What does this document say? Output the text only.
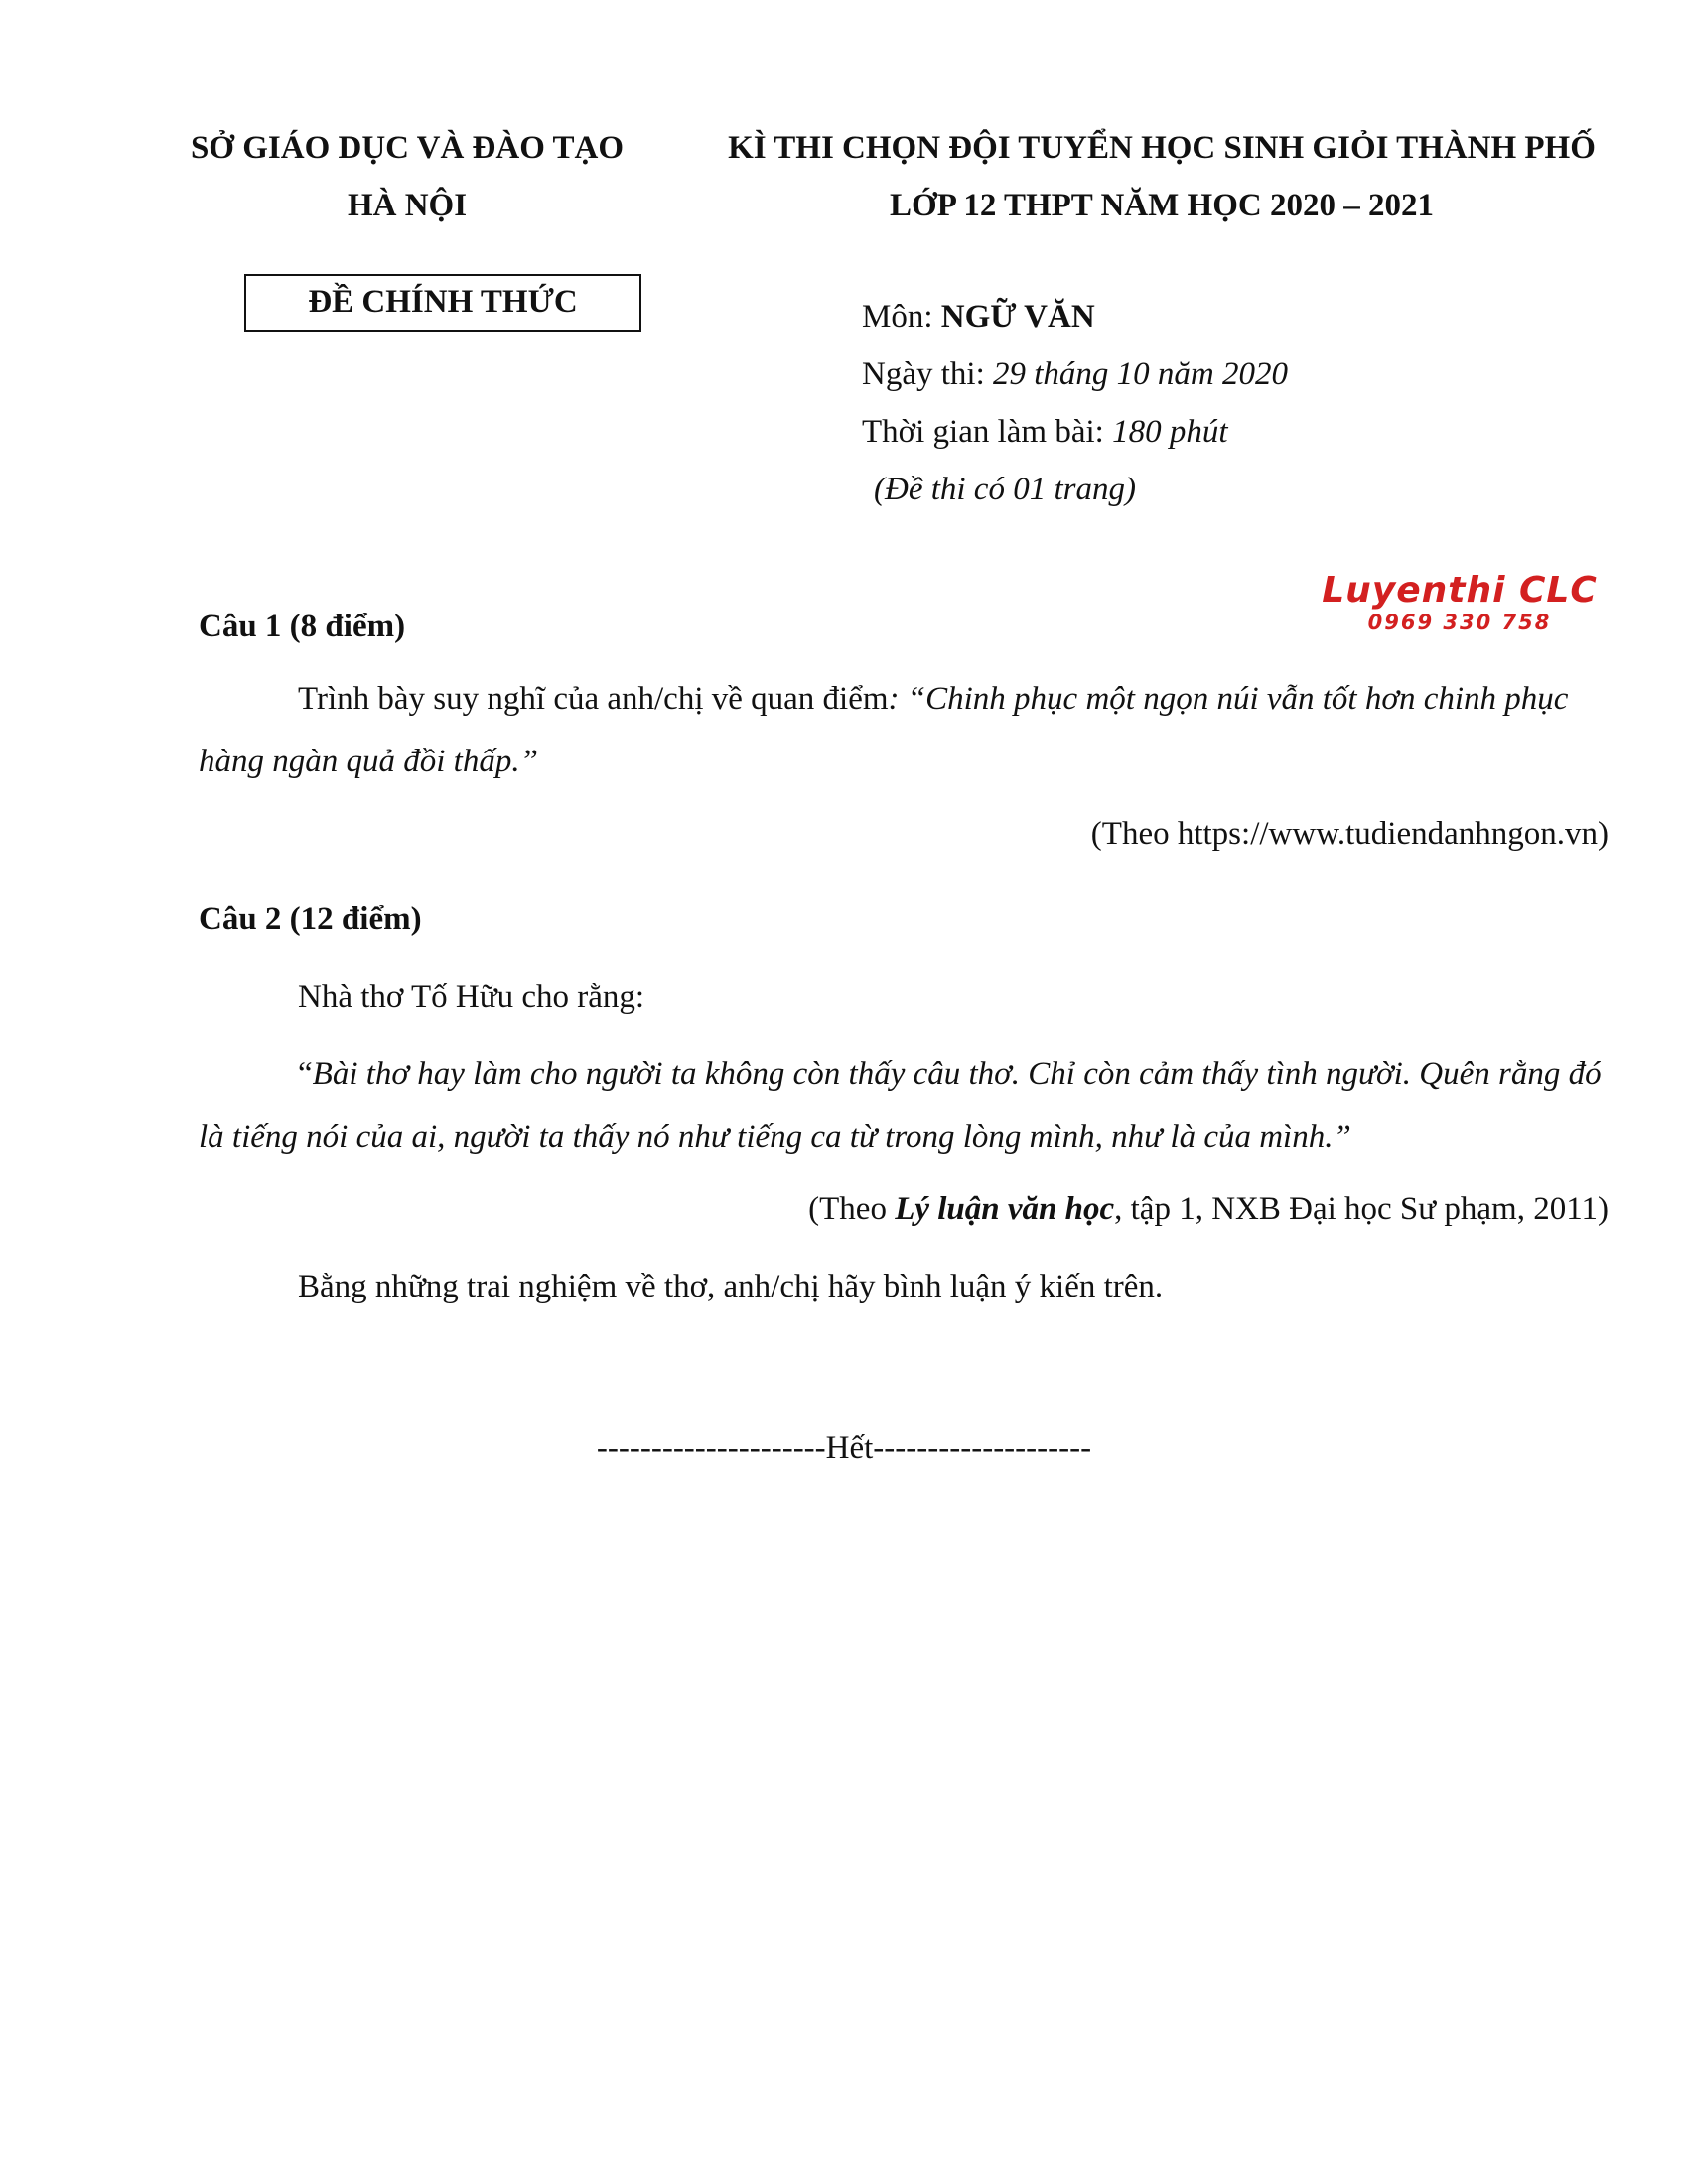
SỞ GIÁO DỤC VÀ ĐÀO TẠO
HÀ NỘI
KÌ THI CHỌN ĐỘI TUYỂN HỌC SINH GIỎI THÀNH PHỐ
LỚP 12 THPT NĂM HỌC 2020 – 2021
ĐỀ CHÍNH THỨC	Môn: NGỮ VĂN
Ngày thi: 29 tháng 10 năm 2020
Thời gian làm bài: 180 phút
(Đề thi có 01 trang)
Luyenthi CLC
0969 330 758
Câu 1 (8 điểm)

Trình bày suy nghĩ của anh/chị về quan điểm: “Chinh phục một ngọn núi vẫn tốt hơn chinh phục hàng ngàn quả đồi thấp.”

(Theo https://www.tudiendanhngon.vn)

Câu 2 (12 điểm)

Nhà thơ Tố Hữu cho rằng:

“Bài thơ hay làm cho người ta không còn thấy câu thơ. Chỉ còn cảm thấy tình người. Quên rằng đó là tiếng nói của ai, người ta thấy nó như tiếng ca từ trong lòng mình, như là của mình.”

(Theo Lý luận văn học, tập 1, NXB Đại học Sư phạm, 2011)

Bằng những trai nghiệm về thơ, anh/chị hãy bình luận ý kiến trên.

---------------------Hết--------------------
